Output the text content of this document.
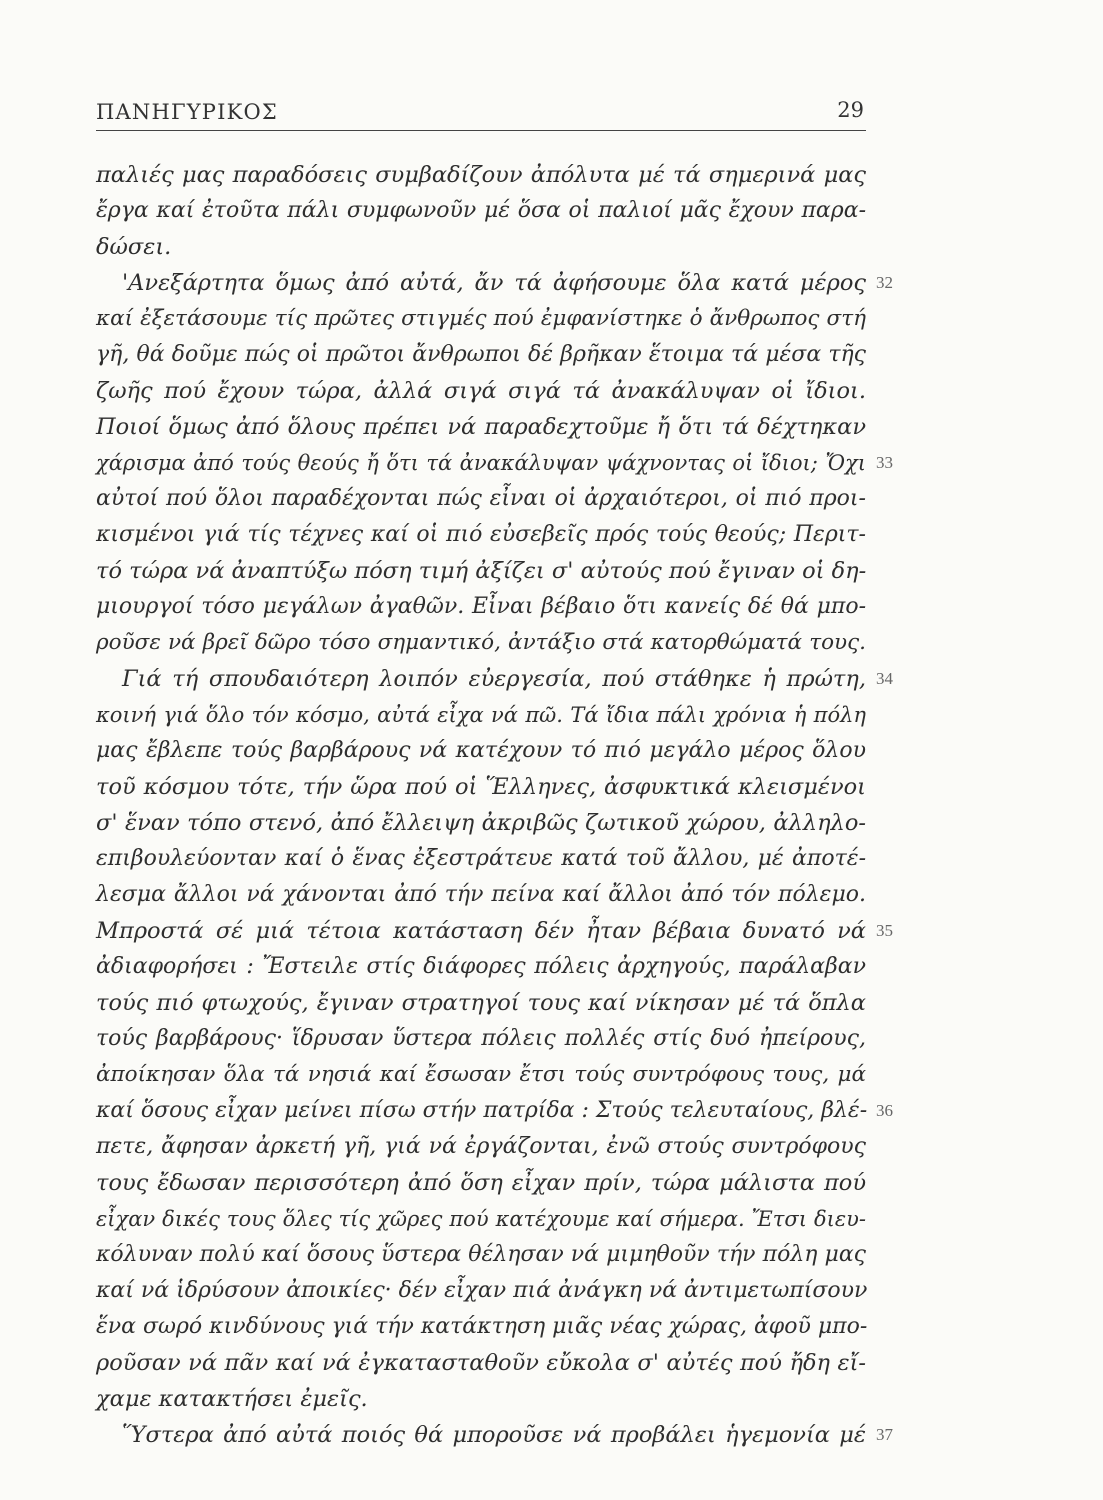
ΠΑΝΗΓΥΡΙΚΟΣ	29
παλιές μας παραδόσεις συμβαδίζουν ἀπόλυτα μέ τά σημερινά μας
ἔργα καί ἐτοῦτα πάλι συμφωνοῦν μέ ὅσα οἱ παλιοί μᾶς ἔχουν παρα-
δώσει.
'Ανεξάρτητα ὅμως ἀπό αὐτά, ἄν τά ἀφήσουμε ὅλα κατά μέρος
καί ἐξετάσουμε τίς πρῶτες στιγμές πού ἐμφανίστηκε ὁ ἄνθρωπος στή
γῆ, θά δοῦμε πώς οἱ πρῶτοι ἄνθρωποι δέ βρῆκαν ἕτοιμα τά μέσα τῆς
ζωῆς πού ἔχουν τώρα, ἀλλά σιγά σιγά τά ἀνακάλυψαν οἱ ἴδιοι.
Ποιοί ὅμως ἀπό ὅλους πρέπει νά παραδεχτοῦμε ἤ ὅτι τά δέχτηκαν
χάρισμα ἀπό τούς θεούς ἤ ὅτι τά ἀνακάλυψαν ψάχνοντας οἱ ἴδιοι; Ὄχι
αὐτοί πού ὅλοι παραδέχονται πώς εἶναι οἱ ἀρχαιότεροι, οἱ πιό προι-
κισμένοι γιά τίς τέχνες καί οἱ πιό εὐσεβεῖς πρός τούς θεούς; Περιτ-
τό τώρα νά ἀναπτύξω πόση τιμή ἀξίζει σ' αὐτούς πού ἔγιναν οἱ δη-
μιουργοί τόσο μεγάλων ἀγαθῶν. Εἶναι βέβαιο ὅτι κανείς δέ θά μπο-
ροῦσε νά βρεῖ δῶρο τόσο σημαντικό, ἀντάξιο στά κατορθώματά τους.
Γιά τή σπουδαιότερη λοιπόν εὐεργεσία, πού στάθηκε ἡ πρώτη,
κοινή γιά ὅλο τόν κόσμο, αὐτά εἶχα νά πῶ. Τά ἴδια πάλι χρόνια ἡ πόλη
μας ἔβλεπε τούς βαρβάρους νά κατέχουν τό πιό μεγάλο μέρος ὅλου
τοῦ κόσμου τότε, τήν ὥρα πού οἱ Ἕλληνες, ἀσφυκτικά κλεισμένοι
σ' ἕναν τόπο στενό, ἀπό ἔλλειψη ἀκριβῶς ζωτικοῦ χώρου, ἀλληλο-
επιβουλεύονταν καί ὁ ἕνας ἐξεστράτευε κατά τοῦ ἄλλου, μέ ἀποτέ-
λεσμα ἄλλοι νά χάνονται ἀπό τήν πείνα καί ἄλλοι ἀπό τόν πόλεμο.
Μπροστά σέ μιά τέτοια κατάσταση δέν ἦταν βέβαια δυνατό νά
ἀδιαφορήσει : Ἔστειλε στίς διάφορες πόλεις ἀρχηγούς, παράλαβαν
τούς πιό φτωχούς, ἔγιναν στρατηγοί τους καί νίκησαν μέ τά ὅπλα
τούς βαρβάρους· ἵδρυσαν ὕστερα πόλεις πολλές στίς δυό ἠπείρους,
ἀποίκησαν ὅλα τά νησιά καί ἔσωσαν ἔτσι τούς συντρόφους τους, μά
καί ὅσους εἶχαν μείνει πίσω στήν πατρίδα : Στούς τελευταίους, βλέ-
πετε, ἄφησαν ἀρκετή γῆ, γιά νά ἐργάζονται, ἐνῶ στούς συντρόφους
τους ἔδωσαν περισσότερη ἀπό ὅση εἶχαν πρίν, τώρα μάλιστα πού
εἶχαν δικές τους ὅλες τίς χῶρες πού κατέχουμε καί σήμερα. Ἔτσι διευ-
κόλυναν πολύ καί ὅσους ὕστερα θέλησαν νά μιμηθοῦν τήν πόλη μας
καί νά ἱδρύσουν ἀποικίες· δέν εἶχαν πιά ἀνάγκη νά ἀντιμετωπίσουν
ἕνα σωρό κινδύνους γιά τήν κατάκτηση μιᾶς νέας χώρας, ἀφοῦ μπο-
ροῦσαν νά πᾶν καί νά ἐγκατασταθοῦν εὔκολα σ' αὐτές πού ἤδη εἴ-
χαμε κατακτήσει ἐμεῖς.
Ὕστερα ἀπό αὐτά ποιός θά μποροῦσε νά προβάλει ἡγεμονία μέ
32
33
34
35
36
37
